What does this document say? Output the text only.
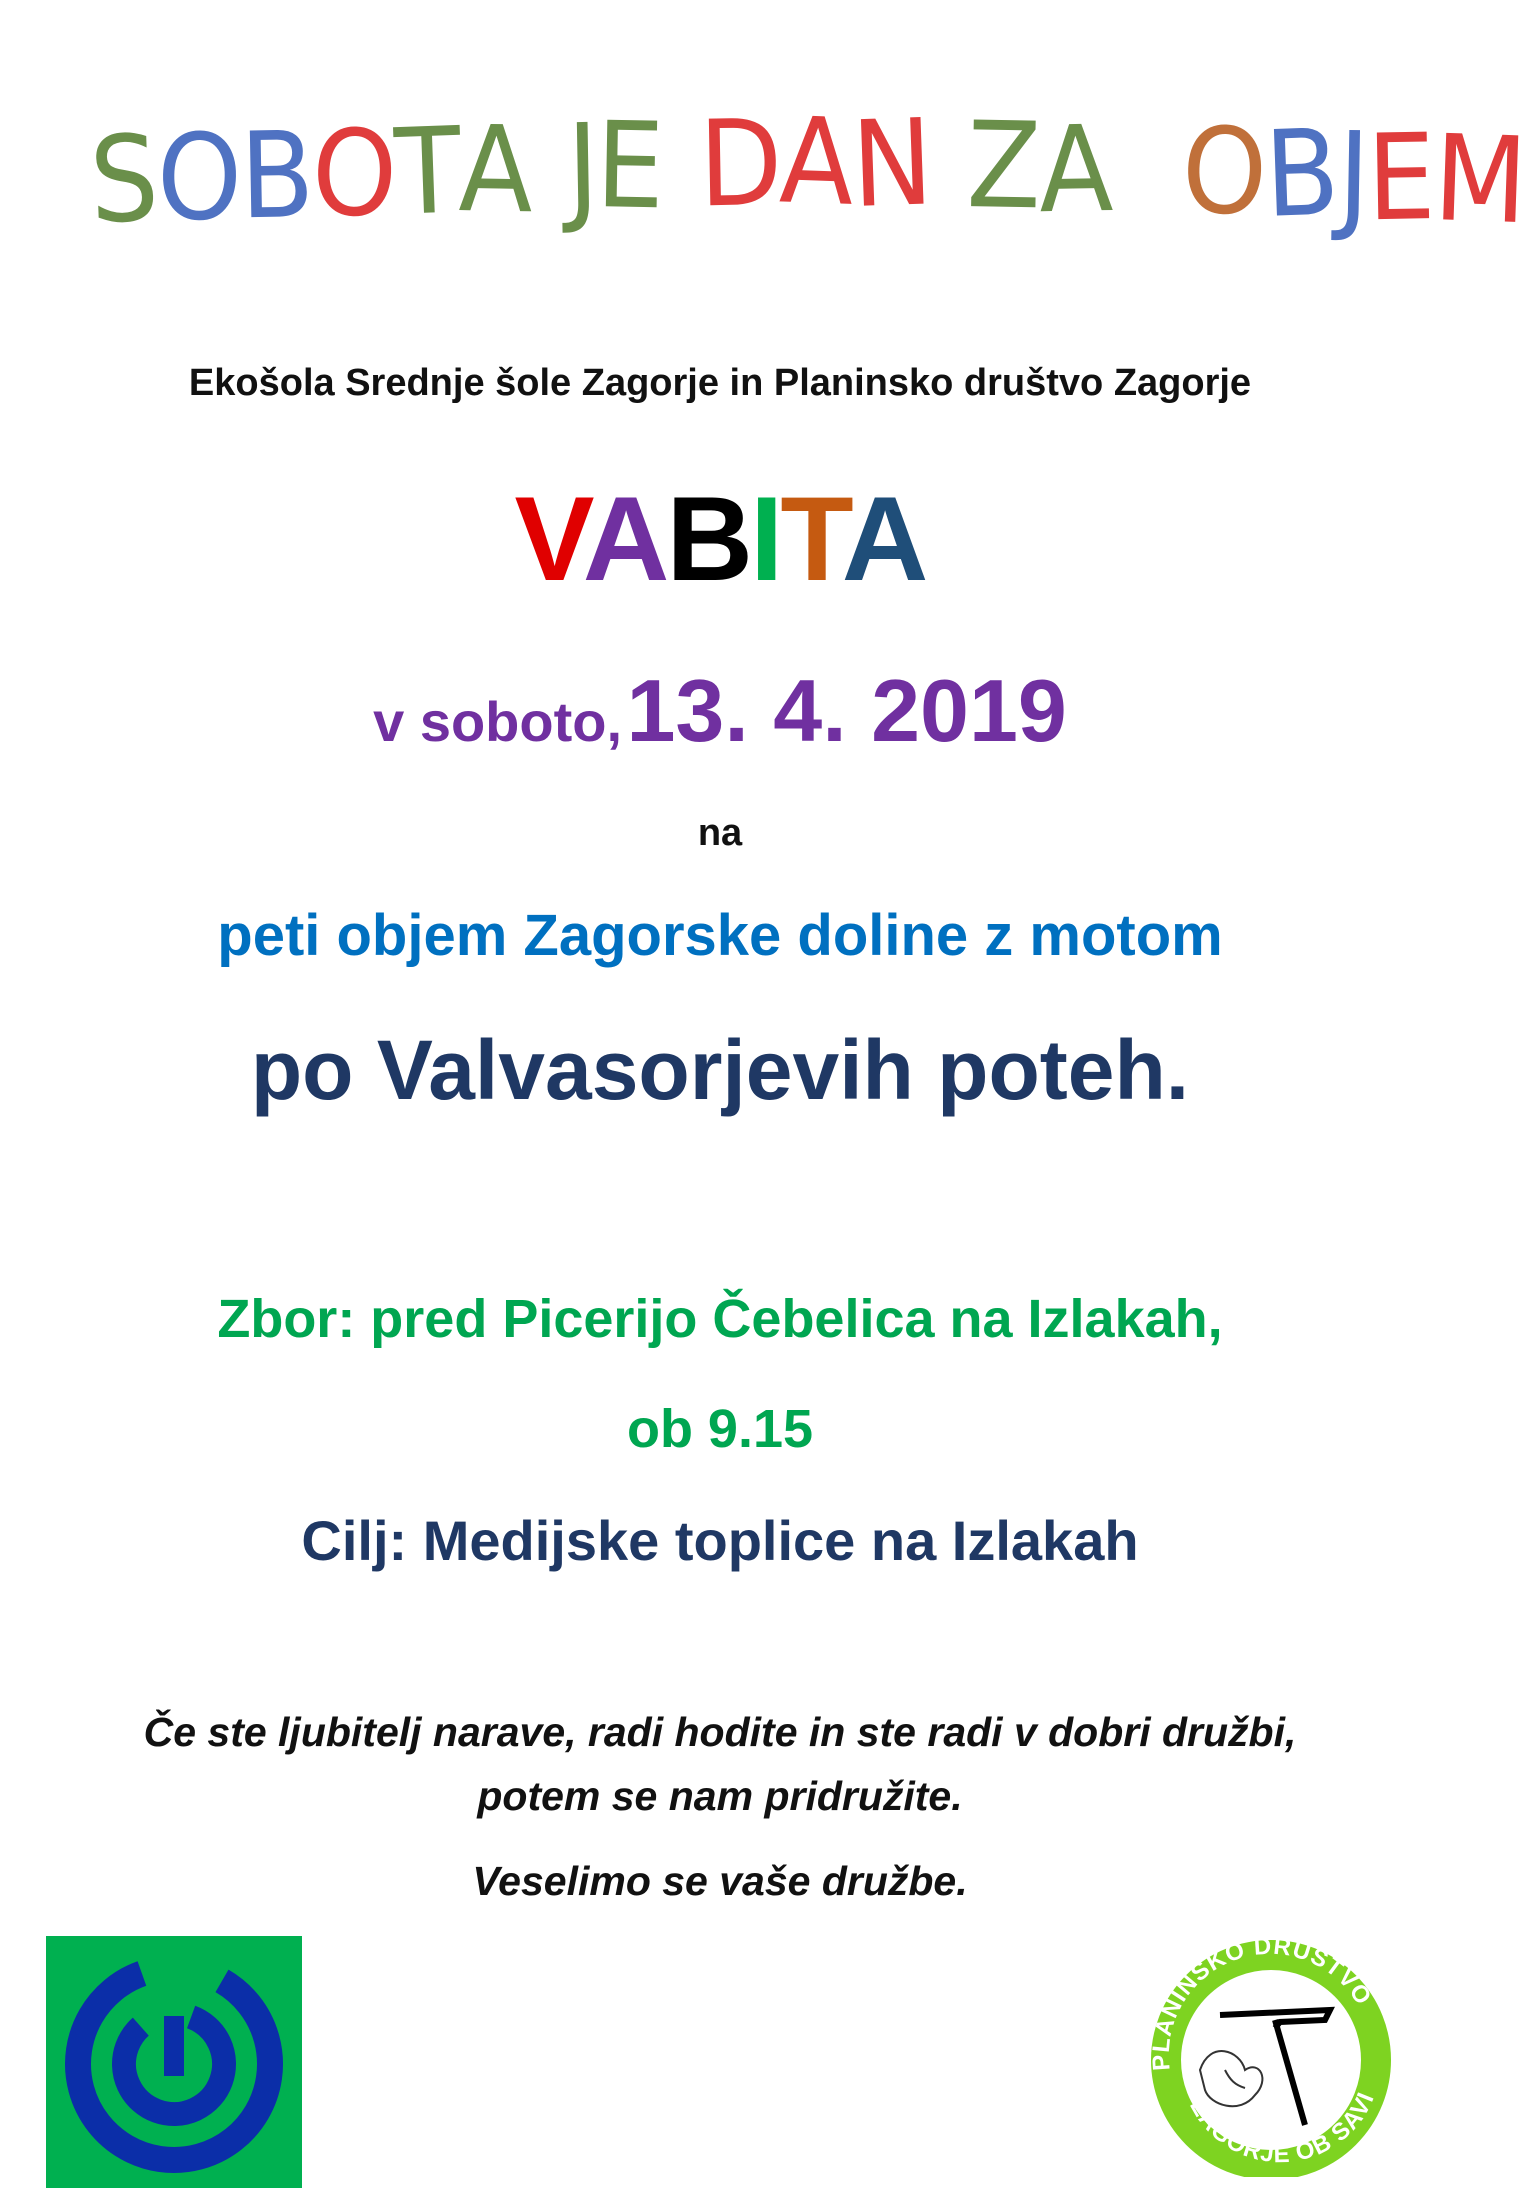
SOBOTA JE DAN ZA OBJEM
Ekošola Srednje šole Zagorje in Planinsko društvo Zagorje
VABITA
v soboto, 13. 4. 2019
na
peti objem Zagorske doline z motom
po Valvasorjevih poteh.
Zbor: pred Picerijo Čebelica na Izlakah,
ob 9.15
Cilj: Medijske toplice na Izlakah
Če ste ljubitelj narave, radi hodite in ste radi v dobri družbi,
potem se nam pridružite.
Veselimo se vaše družbe.
PLANINSKO DRUŠTVO
ZAGORJE OB SAVI
